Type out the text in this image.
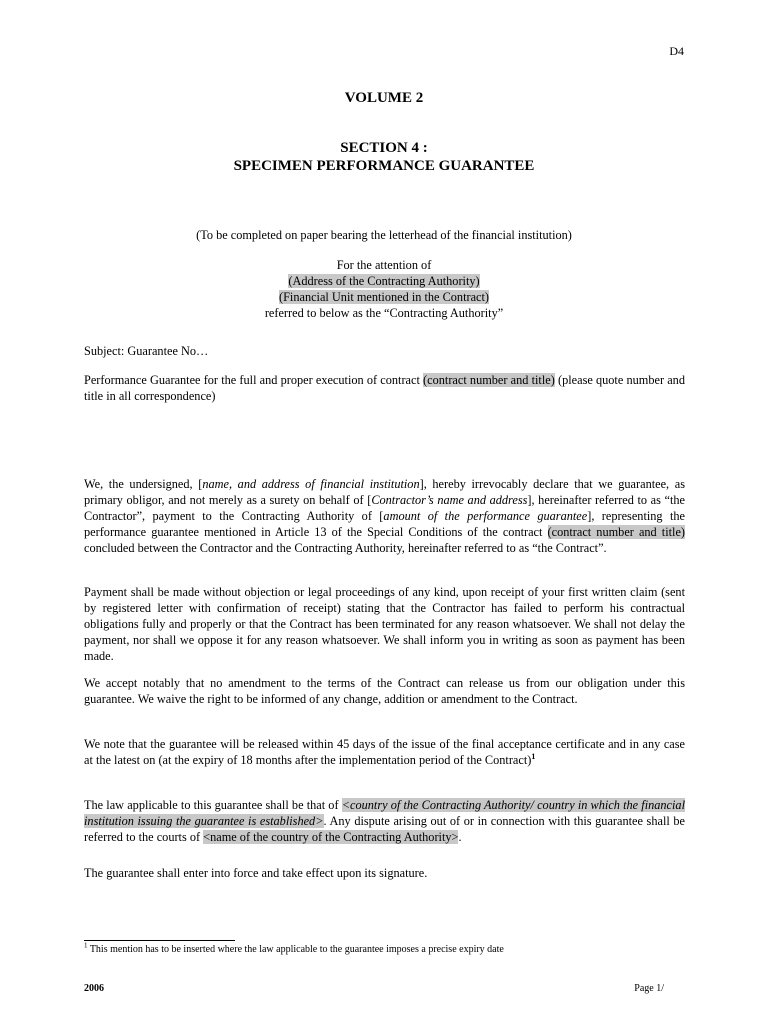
D4
VOLUME 2
SECTION 4 :
SPECIMEN PERFORMANCE GUARANTEE
(To be completed on paper bearing the letterhead of the financial institution)
For the attention of
(Address of the Contracting Authority)
(Financial Unit mentioned in the Contract)
referred to below as the “Contracting Authority”
Subject: Guarantee No…
Performance Guarantee for the full and proper execution of contract (contract number and title) (please quote number and title in all correspondence)

We, the undersigned, [name, and address of financial institution], hereby irrevocably declare that we guarantee, as primary obligor, and not merely as a surety on behalf of [Contractor’s name and address], hereinafter referred to as “the Contractor”, payment to the Contracting Authority of [amount of the performance guarantee], representing the performance guarantee mentioned in Article 13 of the Special Conditions of the contract (contract number and title) concluded between the Contractor and the Contracting Authority, hereinafter referred to as “the Contract”.

Payment shall be made without objection or legal proceedings of any kind, upon receipt of your first written claim (sent by registered letter with confirmation of receipt) stating that the Contractor has failed to perform his contractual obligations fully and properly or that the Contract has been terminated for any reason whatsoever. We shall not delay the payment, nor shall we oppose it for any reason whatsoever. We shall inform you in writing as soon as payment has been made.

We accept notably that no amendment to the terms of the Contract can release us from our obligation under this guarantee. We waive the right to be informed of any change, addition or amendment to the Contract.

We note that the guarantee will be released within 45 days of the issue of the final acceptance certificate and in any case at the latest on (at the expiry of 18 months after the implementation period of the Contract)$^1$

The law applicable to this guarantee shall be that of <country of the Contracting Authority/ country in which the financial institution issuing the guarantee is established>. Any dispute arising out of or in connection with this guarantee shall be referred to the courts of <name of the country of the Contracting Authority>.

The guarantee shall enter into force and take effect upon its signature.

$^1$ This mention has to be inserted where the law applicable to the guarantee imposes a precise expiry date
2006	Page 1/
